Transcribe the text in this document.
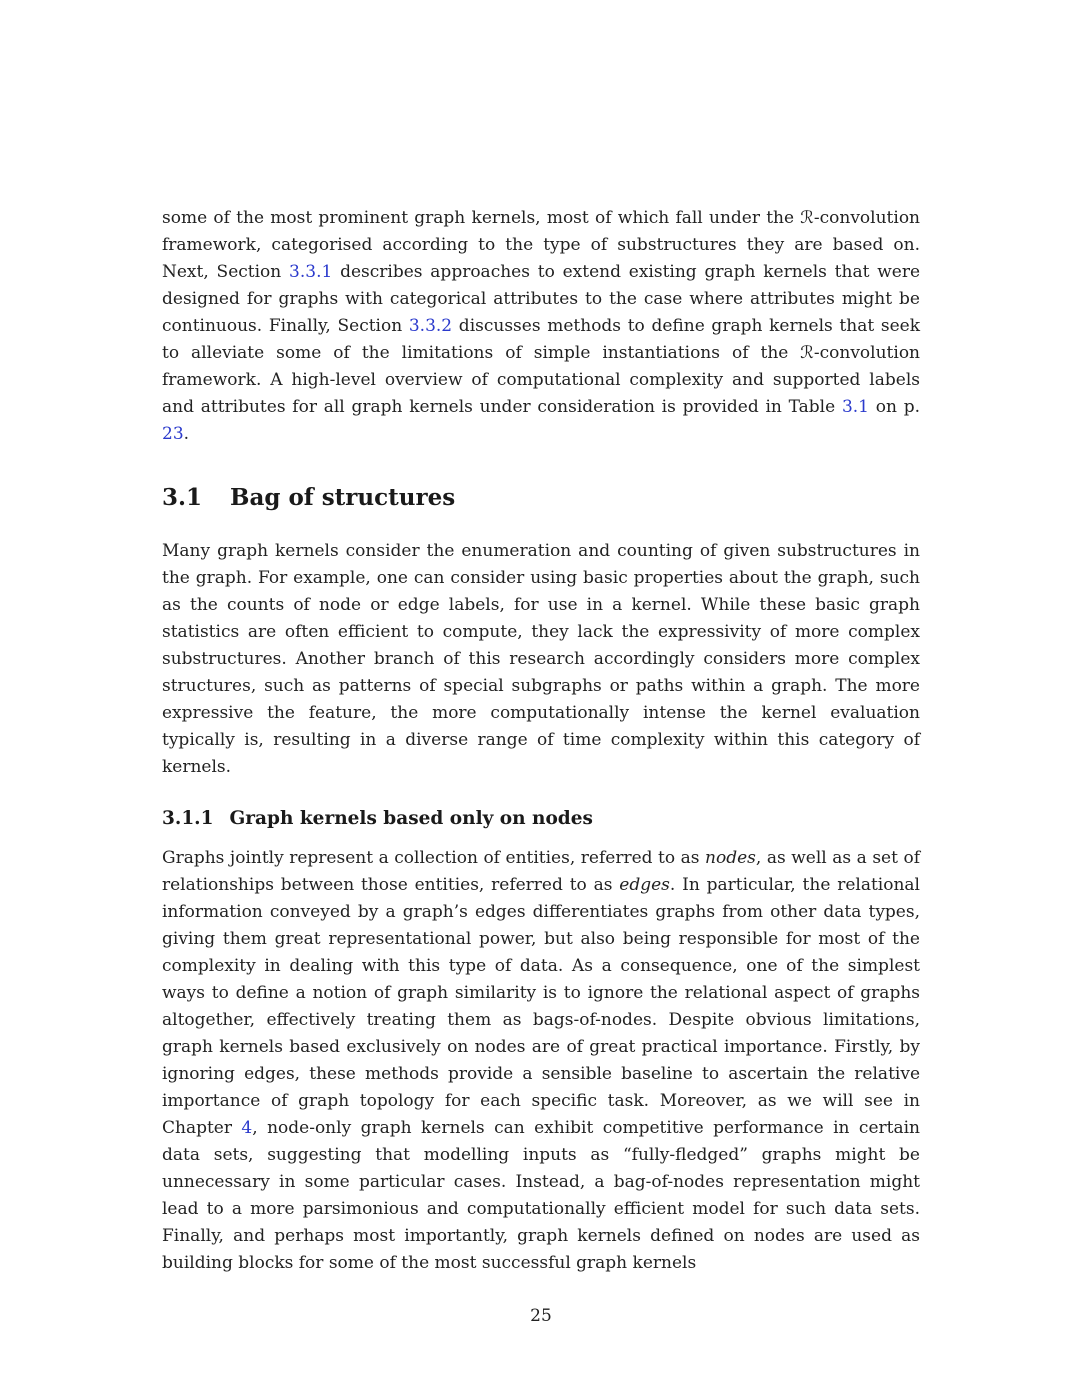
some of the most prominent graph kernels, most of which fall under the ℛ-convolution framework, categorised according to the type of substructures they are based on. Next, Section 3.3.1 describes approaches to extend existing graph kernels that were designed for graphs with categorical attributes to the case where attributes might be continuous. Finally, Section 3.3.2 discusses methods to define graph kernels that seek to alleviate some of the limitations of simple instantiations of the ℛ-convolution framework. A high-level overview of computational complexity and supported labels and attributes for all graph kernels under consideration is provided in Table 3.1 on p. 23.

3.1 Bag of structures

Many graph kernels consider the enumeration and counting of given substructures in the graph. For example, one can consider using basic properties about the graph, such as the counts of node or edge labels, for use in a kernel. While these basic graph statistics are often efficient to compute, they lack the expressivity of more complex substructures. Another branch of this research accordingly considers more complex structures, such as patterns of special subgraphs or paths within a graph. The more expressive the feature, the more computationally intense the kernel evaluation typically is, resulting in a diverse range of time complexity within this category of kernels.

3.1.1 Graph kernels based only on nodes

Graphs jointly represent a collection of entities, referred to as nodes, as well as a set of relationships between those entities, referred to as edges. In particular, the relational information conveyed by a graph’s edges differentiates graphs from other data types, giving them great representational power, but also being responsible for most of the complexity in dealing with this type of data. As a consequence, one of the simplest ways to define a notion of graph similarity is to ignore the relational aspect of graphs altogether, effectively treating them as bags-of-nodes. Despite obvious limitations, graph kernels based exclusively on nodes are of great practical importance. Firstly, by ignoring edges, these methods provide a sensible baseline to ascertain the relative importance of graph topology for each specific task. Moreover, as we will see in Chapter 4, node-only graph kernels can exhibit competitive performance in certain data sets, suggesting that modelling inputs as “fully-fledged” graphs might be unnecessary in some particular cases. Instead, a bag-of-nodes representation might lead to a more parsimonious and computationally efficient model for such data sets. Finally, and perhaps most importantly, graph kernels defined on nodes are used as building blocks for some of the most successful graph kernels

25
